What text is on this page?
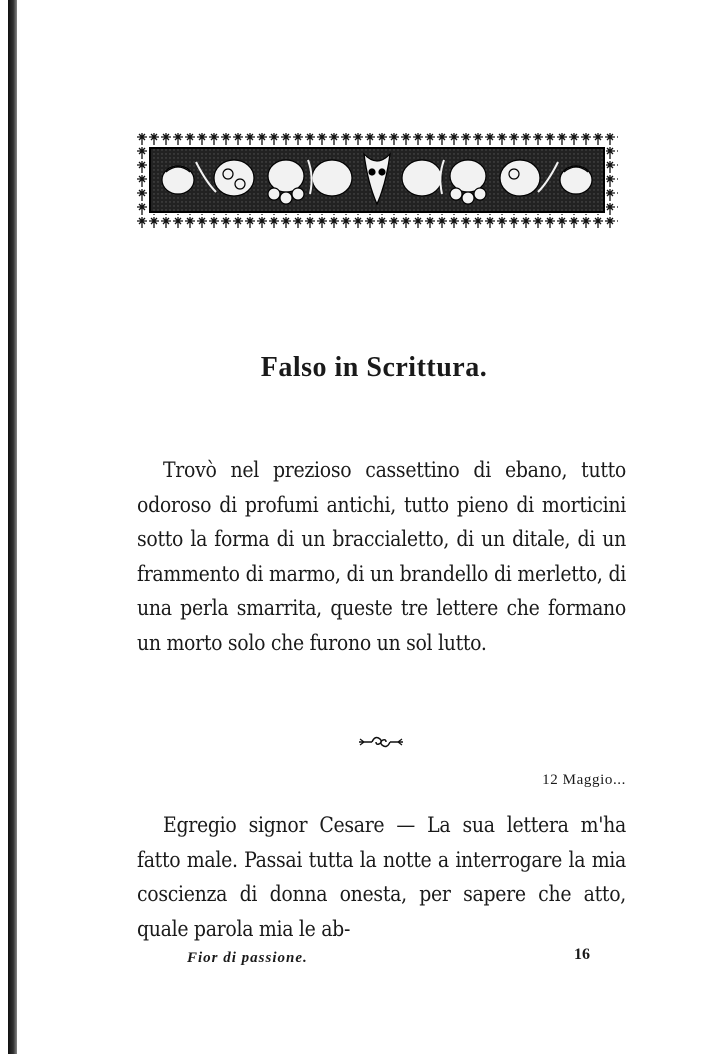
Falso in Scrittura.
Trovò nel prezioso cassettino di ebano, tutto odoroso di profumi antichi, tutto pieno di morticini sotto la forma di un braccialetto, di un ditale, di un frammento di marmo, di un brandello di merletto, di una perla smarrita, queste tre lettere che formano un morto solo che furono un sol lutto.
12 Maggio...
Egregio signor Cesare — La sua lettera m'ha fatto male. Passai tutta la notte a interrogare la mia coscienza di donna onesta, per sapere che atto, quale parola mia le ab-
Fior di passione.	16
